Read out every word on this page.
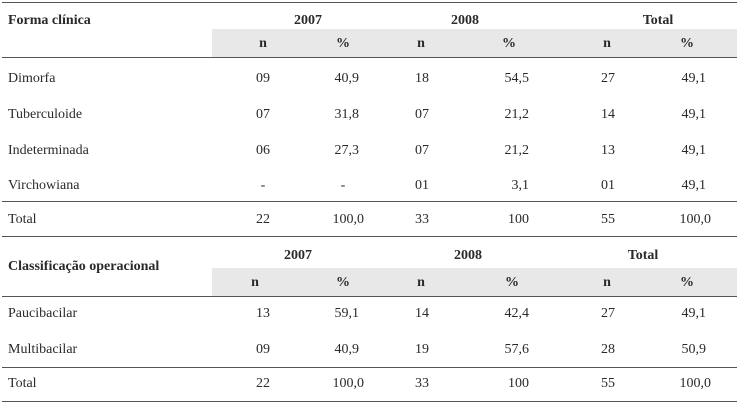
Forma clínica	2007	2008	Total
n	%	n	%	n	%
Dimorfa	09	40,9	18	54,5	27	49,1
Tuberculoide	07	31,8	07	21,2	14	49,1
Indeterminada	06	27,3	07	21,2	13	49,1
Virchowiana	-	-	01	3,1	01	49,1
Total	22	100,0	33	100	55	100,0
Classificação operacional
2007	2008	Total
n	%	n	%	n	%
Paucibacilar	13	59,1	14	42,4	27	49,1
Multibacilar	09	40,9	19	57,6	28	50,9
Total	22	100,0	33	100	55	100,0
